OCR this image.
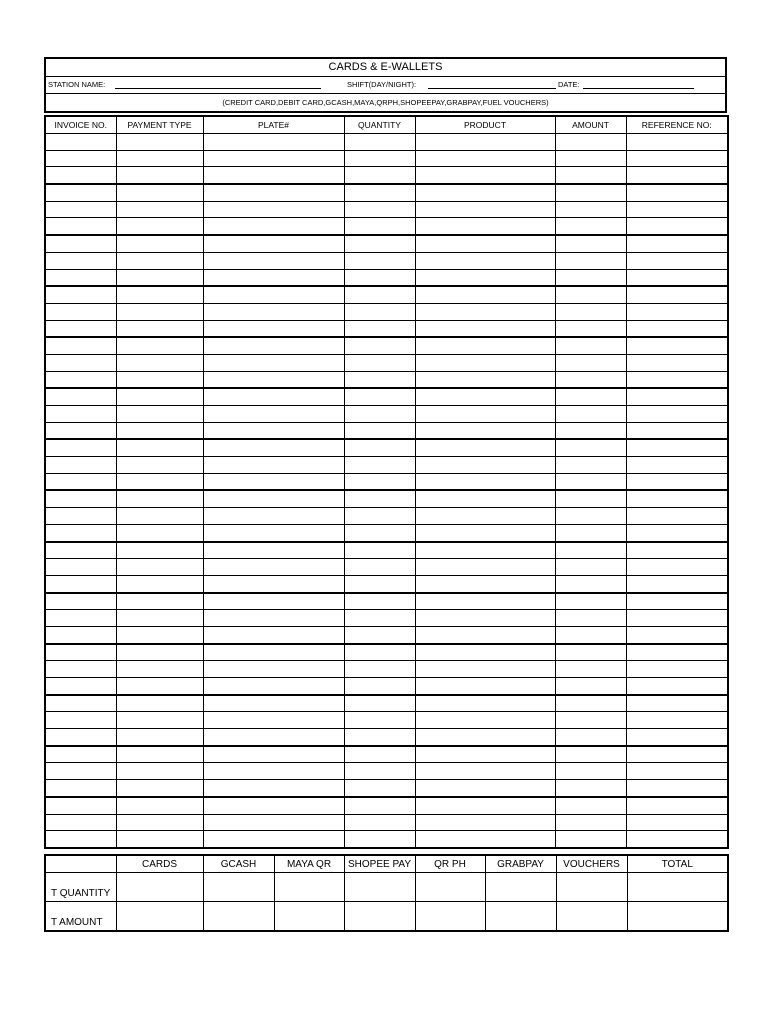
CARDS & E-WALLETS
STATION NAME:	SHIFT(DAY/NIGHT):	DATE:
(CREDIT CARD,DEBIT CARD,GCASH,MAYA,QRPH,SHOPEEPAY,GRABPAY,FUEL VOUCHERS)
INVOICE NO.	PAYMENT TYPE	PLATE#	QUANTITY	PRODUCT	AMOUNT	REFERENCE NO:

	CARDS	GCASH	MAYA QR	SHOPEE PAY	QR PH	GRABPAY	VOUCHERS	TOTAL
T QUANTITY								
T AMOUNT								
